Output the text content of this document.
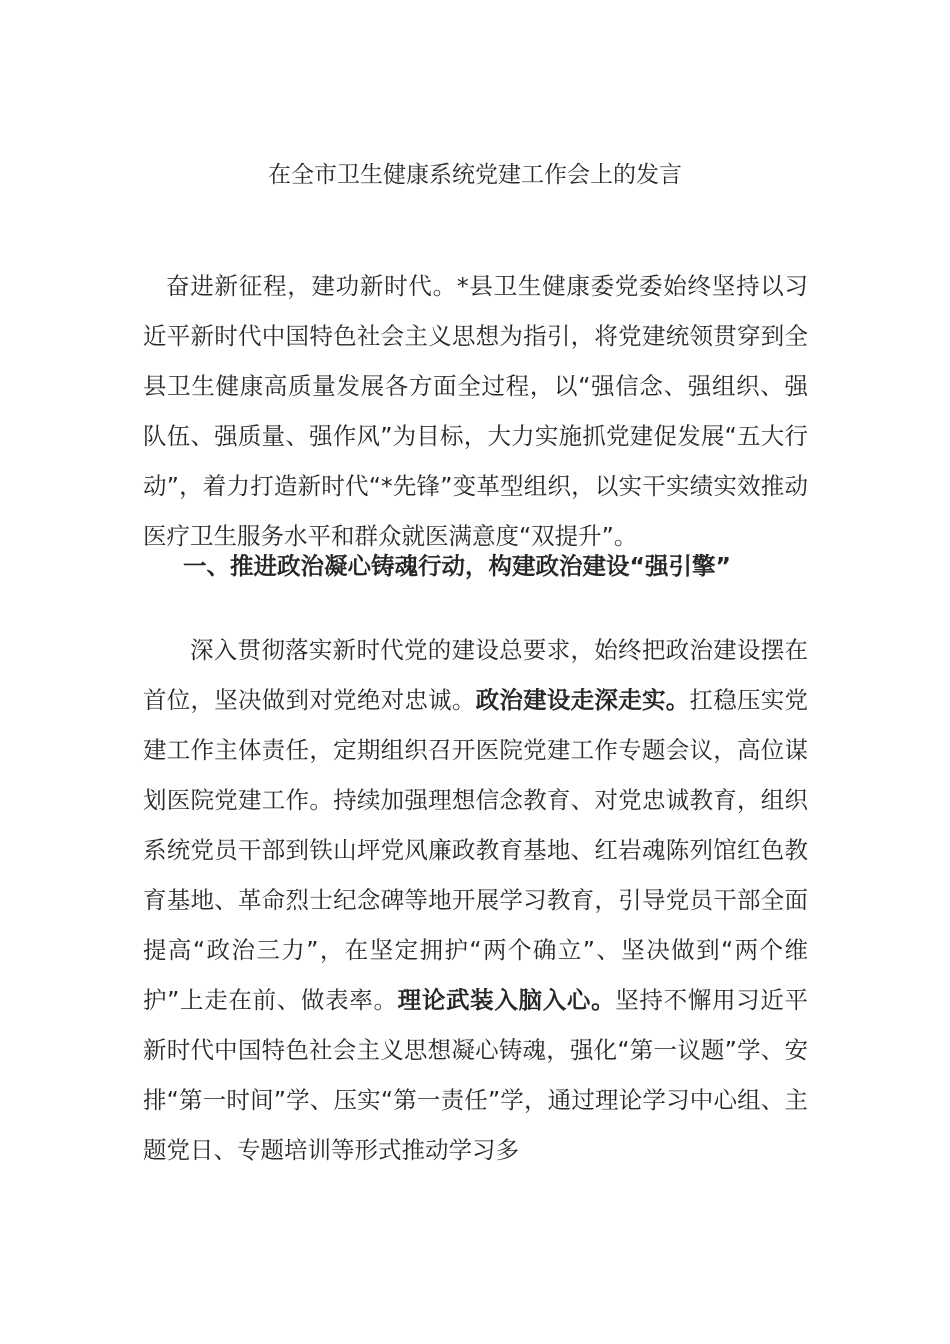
在全市卫生健康系统党建工作会上的发言

奋进新征程，建功新时代。*县卫生健康委党委始终坚持以习近平新时代中国特色社会主义思想为指引，将党建统领贯穿到全县卫生健康高质量发展各方面全过程，以“强信念、强组织、强队伍、强质量、强作风”为目标，大力实施抓党建促发展“五大行动”，着力打造新时代“*先锋”变革型组织，以实干实绩实效推动医疗卫生服务水平和群众就医满意度“双提升”。

一、推进政治凝心铸魂行动，构建政治建设“强引擎”

深入贯彻落实新时代党的建设总要求，始终把政治建设摆在首位，坚决做到对党绝对忠诚。政治建设走深走实。扛稳压实党建工作主体责任，定期组织召开医院党建工作专题会议，高位谋划医院党建工作。持续加强理想信念教育、对党忠诚教育，组织系统党员干部到铁山坪党风廉政教育基地、红岩魂陈列馆红色教育基地、革命烈士纪念碑等地开展学习教育，引导党员干部全面提高“政治三力”，在坚定拥护“两个确立”、坚决做到“两个维护”上走在前、做表率。理论武装入脑入心。坚持不懈用习近平新时代中国特色社会主义思想凝心铸魂，强化“第一议题”学、安排“第一时间”学、压实“第一责任”学，通过理论学习中心组、主题党日、专题培训等形式推动学习多
